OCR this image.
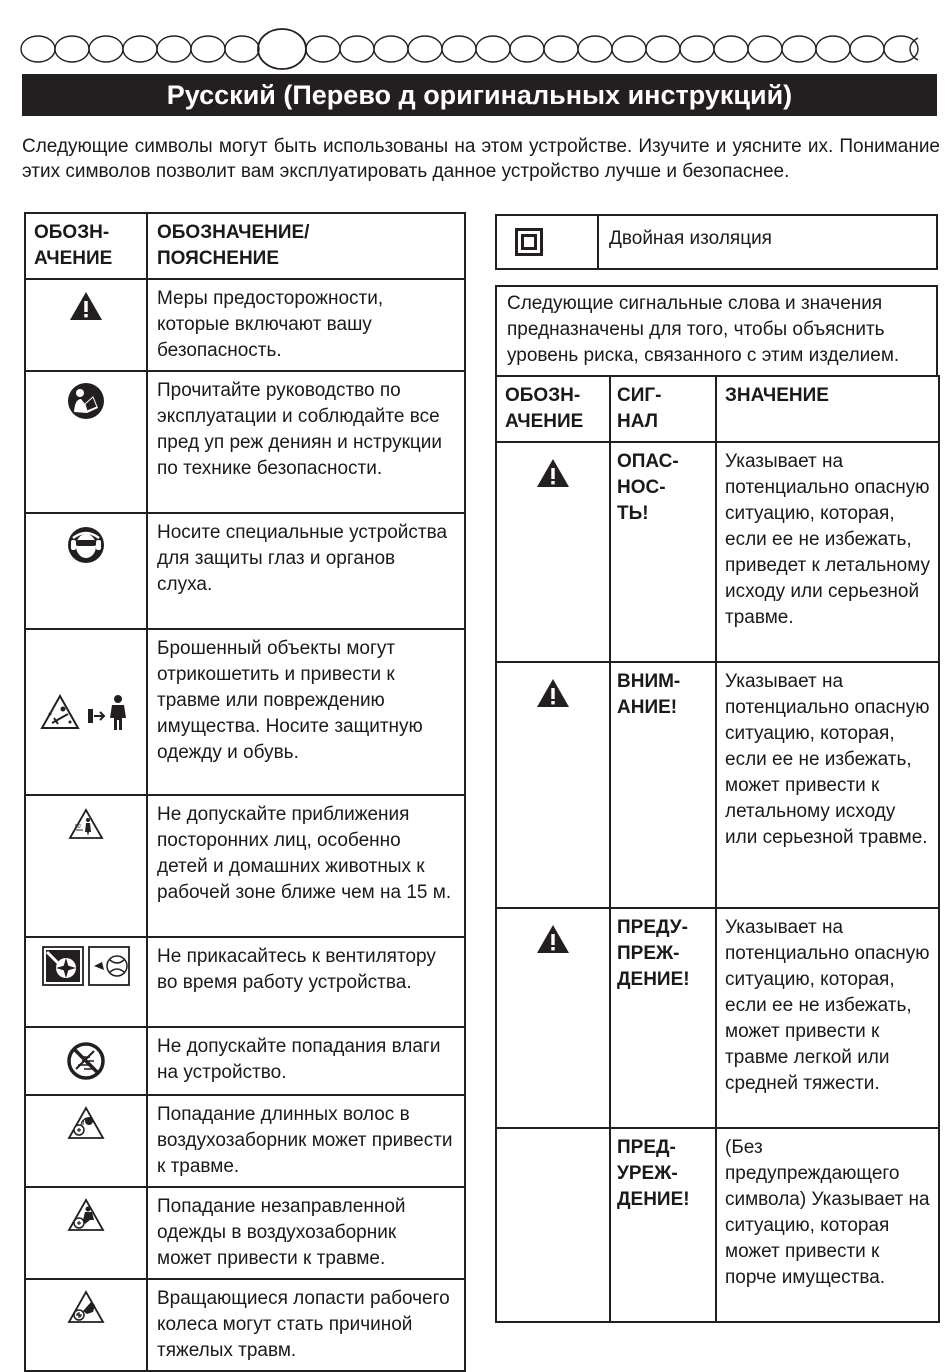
Русский (Перево д оригинальных инструкций)
Следующие символы могут быть использованы на этом устройстве. Изучите и уясните их. Понимание этих символов позволит вам эксплуатировать данное устройство лучше и безопаснее.
ОБОЗН-
АЧЕНИЕ	ОБОЗНАЧЕНИЕ/
ПОЯСНЕНИЕ

	Меры предосторожности, которые включают вашу безопасность.

	Прочитайте руководство по эксплуатации и соблюдайте все пред уп реж дениян и нструкции по технике безопасности.

	Носите специальные устройства для защиты глаз и органов слуха.

	Брошенный объекты могут отрикошетить и привести к травме или повреждению имущества. Носите защитную одежду и обувь.

50'	Не допускайте приближения посторонних лиц, особенно детей и домашних животных к рабочей зоне ближе чем на 15 м.

	Не прикасайтесь к вентилятору во время работу устройства.

	Не допускайте попадания влаги на устройство.

	Попадание длинных волос в воздухозаборник может привести к травме.

	Попадание незаправленной одежды в воздухозаборник может привести к травме.

	Вращающиеся лопасти рабочего колеса могут стать причиной тяжелых травм.
	Двойная изоляция
Следующие сигнальные слова и значения предназначены для того, чтобы объяснить уровень риска, связанного с этим изделием.
ОБОЗН-
АЧЕНИЕ	СИГ-
НАЛ	ЗНАЧЕНИЕ

	ОПАС-
НОС-
ТЬ!	Указывает на потенциально опасную ситуацию, которая, если ее не избежать, приведет к летальному исходу или серьезной травме.

	ВНИМ-
АНИЕ!	Указывает на потенциально опасную ситуацию, которая, если ее не избежать, может привести к летальному исходу или серьезной травме.

	ПРЕДУ-
ПРЕЖ-
ДЕНИЕ!	Указывает на потенциально опасную ситуацию, которая, если ее не избежать, может привести к травме легкой или средней тяжести.
	ПРЕД-
УРЕЖ-
ДЕНИЕ!	(Без предупреждающего символа) Указывает на ситуацию, которая может привести к порче имущества.
